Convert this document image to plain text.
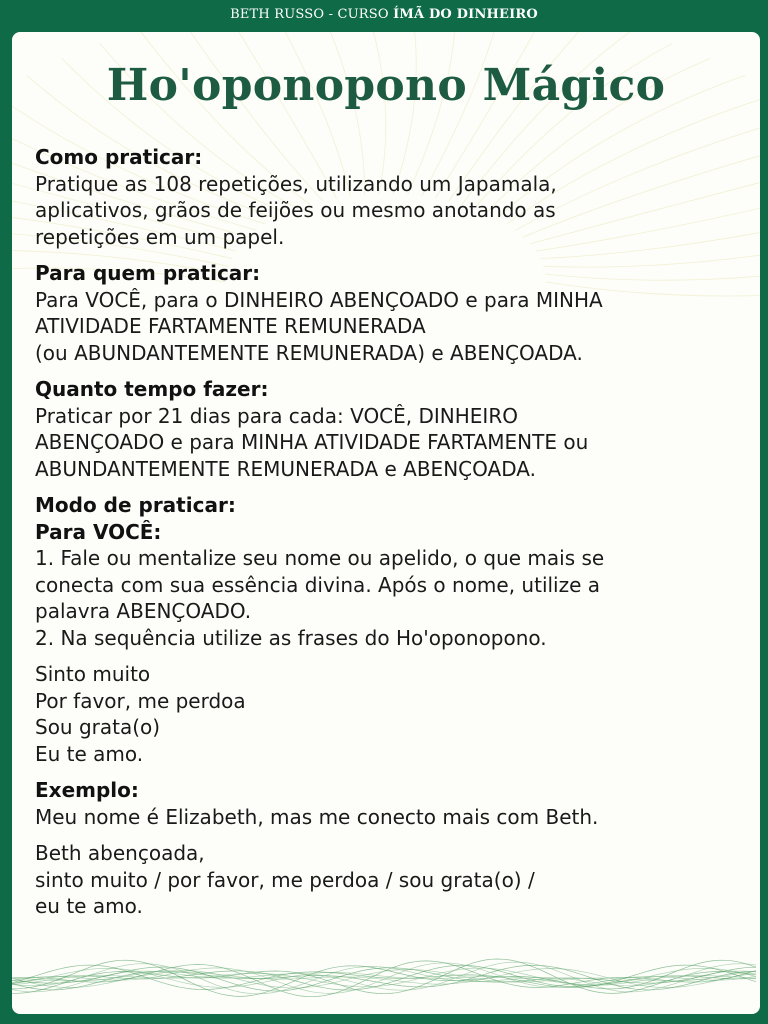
BETH RUSSO - CURSO ÍMÃ DO DINHEIRO
Ho'oponopono Mágico
Como praticar:
Pratique as 108 repetições, utilizando um Japamala,
aplicativos, grãos de feijões ou mesmo anotando as
repetições em um papel.
Para quem praticar:
Para VOCÊ, para o DINHEIRO ABENÇOADO e para MINHA
ATIVIDADE FARTAMENTE REMUNERADA
(ou ABUNDANTEMENTE REMUNERADA) e ABENÇOADA.
Quanto tempo fazer:
Praticar por 21 dias para cada: VOCÊ, DINHEIRO
ABENÇOADO e para MINHA ATIVIDADE FARTAMENTE ou
ABUNDANTEMENTE REMUNERADA e ABENÇOADA.
Modo de praticar:
Para VOCÊ:
1. Fale ou mentalize seu nome ou apelido, o que mais se
conecta com sua essência divina. Após o nome, utilize a
palavra ABENÇOADO.
2. Na sequência utilize as frases do Ho'oponopono.
Sinto muito
Por favor, me perdoa
Sou grata(o)
Eu te amo.
Exemplo:
Meu nome é Elizabeth, mas me conecto mais com Beth.
Beth abençoada,
sinto muito / por favor, me perdoa / sou grata(o) /
eu te amo.
